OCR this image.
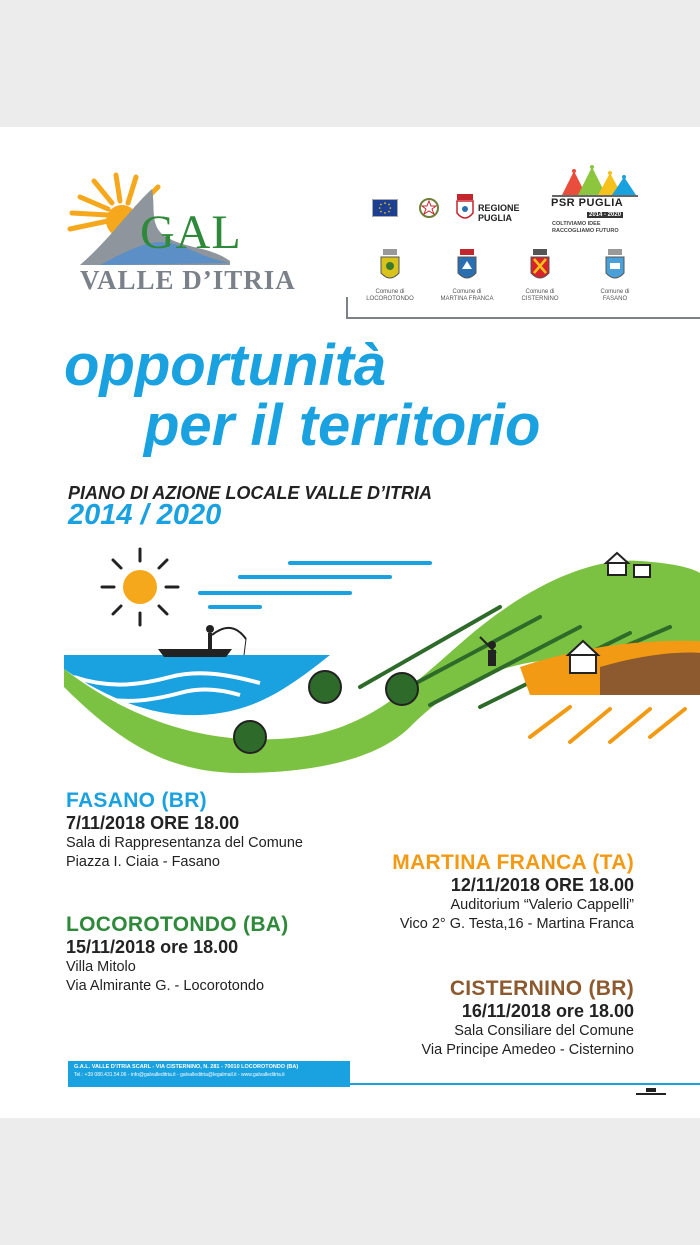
GAL
VALLE D’ITRIA
REGIONE PUGLIA
PSR PUGLIA
2014 - 2020
COLTIVIAMO IDEE RACCOGLIAMO FUTURO
Comune di
LOCOROTONDO
Comune di
MARTINA FRANCA
Comune di
CISTERNINO
Comune di
FASANO
opportunità
per il territorio
PIANO DI AZIONE LOCALE VALLE D’ITRIA
2014 / 2020
FASANO (BR)
7/11/2018 ORE 18.00
Sala di Rappresentanza del Comune
Piazza I. Ciaia - Fasano	MARTINA FRANCA (TA)
12/11/2018 ORE 18.00
Auditorium “Valerio Cappelli”
Vico 2° G. Testa,16 - Martina Franca
LOCOROTONDO (BA)
15/11/2018 ore 18.00
Villa Mitolo
Via Almirante G. - Locorotondo	CISTERNINO (BR)
16/11/2018 ore 18.00
Sala Consiliare del Comune
Via Principe Amedeo - Cisternino
G.A.L. VALLE D’ITRIA SCARL - VIA CISTERNINO, N. 281 - 70010 LOCOROTONDO (BA)
Tel.: +39 080.431.54.06 - info@galvalleditria.it - galvalleditria@legalmail.it - www.galvalleditria.it
